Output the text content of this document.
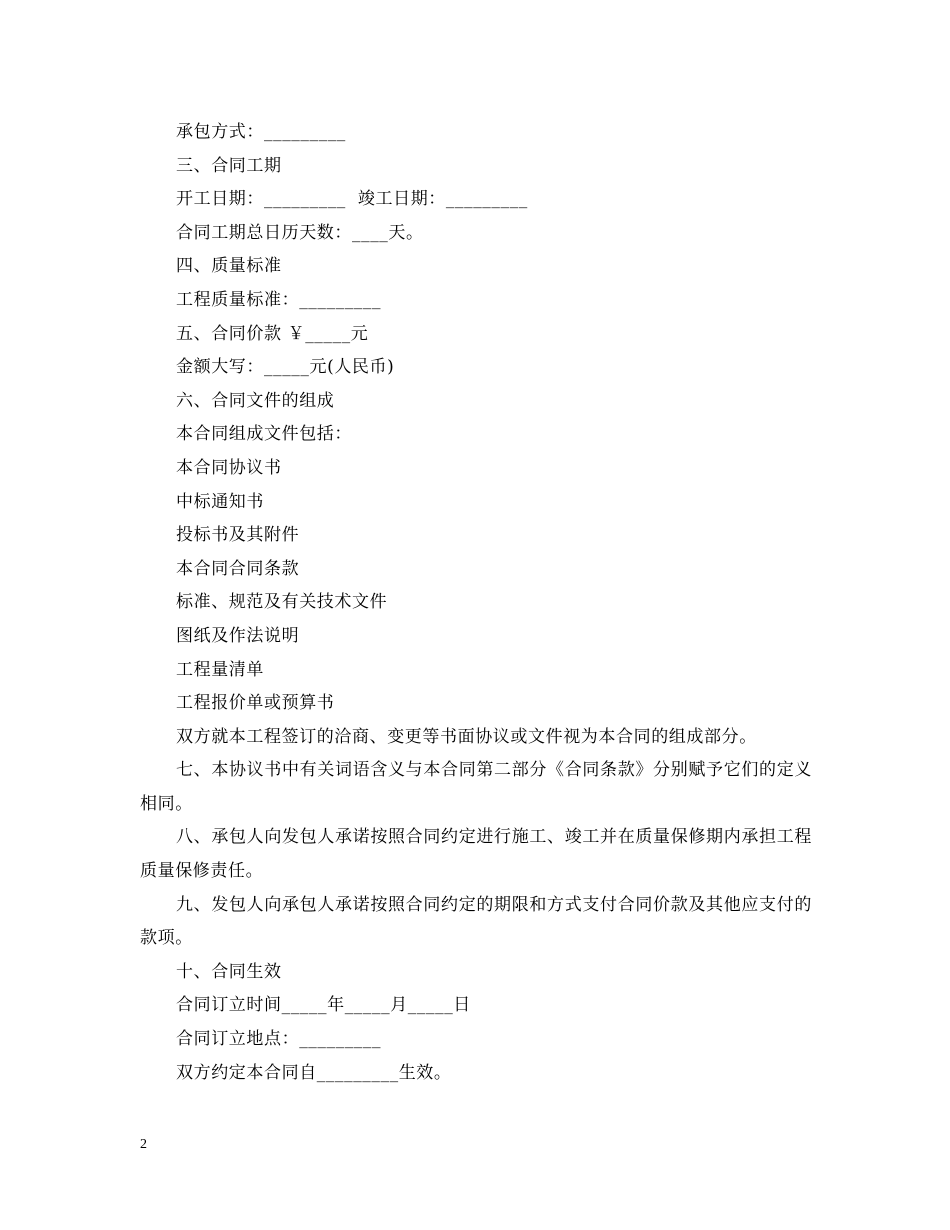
承包方式：_________
三、合同工期
开工日期：_________  竣工日期：_________
合同工期总日历天数：____天。
四、质量标准
工程质量标准：_________
五、合同价款 ￥_____元
金额大写：_____元(人民币)
六、合同文件的组成
本合同组成文件包括：
本合同协议书
中标通知书
投标书及其附件
本合同合同条款
标准、规范及有关技术文件
图纸及作法说明
工程量清单
工程报价单或预算书
双方就本工程签订的洽商、变更等书面协议或文件视为本合同的组成部分。
七、本协议书中有关词语含义与本合同第二部分《合同条款》分别赋予它们的定义相同。
八、承包人向发包人承诺按照合同约定进行施工、竣工并在质量保修期内承担工程质量保修责任。
九、发包人向承包人承诺按照合同约定的期限和方式支付合同价款及其他应支付的款项。
十、合同生效
合同订立时间_____年_____月_____日
合同订立地点：_________
双方约定本合同自_________生效。
2
